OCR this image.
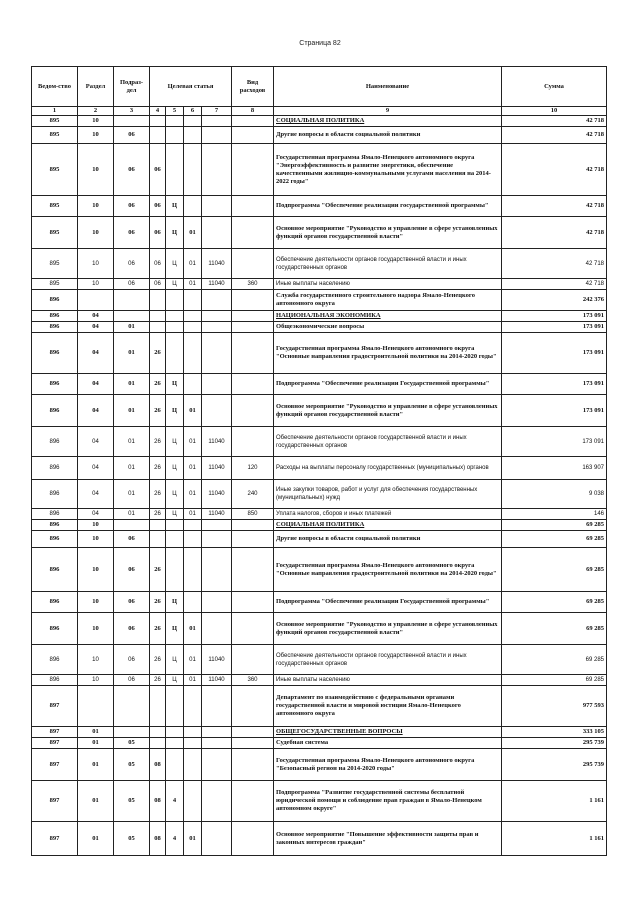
Страница 82
Ведом-ство	Раздел	Подраз-дел	Целевая статья				Вид расходов	Наименование	Сумма
1	2	3	4	5	6	7	8	9	10
895	10							СОЦИАЛЬНАЯ ПОЛИТИКА	42 718
895	10	06						Другие вопросы в области социальной политики	42 718
895	10	06	06					Государственная программа Ямало-Ненецкого автономного округа "Энергоэффективность и развитие энергетики, обеспечение качественными жилищно-коммунальными услугами населения на 2014-2022 годы"	42 718
895	10	06	06	Ц				Подпрограмма "Обеспечение реализации государственной программы"	42 718
895	10	06	06	Ц	01			Основное мероприятие "Руководство и управление в сфере установленных функций органов государственной власти"	42 718
895	10	06	06	Ц	01	11040		Обеспечение деятельности органов государственной власти и иных государственных органов	42 718
895	10	06	06	Ц	01	11040	360	Иные выплаты населению	42 718
896								Служба государственного строительного надзора Ямало-Ненецкого автономного округа	242 376
896	04							НАЦИОНАЛЬНАЯ ЭКОНОМИКА	173 091
896	04	01						Общеэкономические вопросы	173 091
896	04	01	26					Государственная программа Ямало-Ненецкого автономного округа "Основные направления градостроительной политики на 2014-2020 годы"	173 091
896	04	01	26	Ц				Подпрограмма "Обеспечение реализации Государственной программы"	173 091
896	04	01	26	Ц	01			Основное мероприятие "Руководство и управление в сфере установленных функций органов государственной власти"	173 091
896	04	01	26	Ц	01	11040		Обеспечение деятельности органов государственной власти и иных государственных органов	173 091
896	04	01	26	Ц	01	11040	120	Расходы на выплаты персоналу государственных (муниципальных) органов	163 907
896	04	01	26	Ц	01	11040	240	Иные закупки товаров, работ и услуг для обеспечения государственных (муниципальных) нужд	9 038
896	04	01	26	Ц	01	11040	850	Уплата налогов, сборов и иных платежей	146
896	10							СОЦИАЛЬНАЯ ПОЛИТИКА	69 285
896	10	06						Другие вопросы в области социальной политики	69 285
896	10	06	26					Государственная программа Ямало-Ненецкого автономного округа "Основные направления градостроительной политики на 2014-2020 годы"	69 285
896	10	06	26	Ц				Подпрограмма "Обеспечение реализации Государственной программы"	69 285
896	10	06	26	Ц	01			Основное мероприятие "Руководство и управление в сфере установленных функций органов государственной власти"	69 285
896	10	06	26	Ц	01	11040		Обеспечение деятельности органов государственной власти и иных государственных органов	69 285
896	10	06	26	Ц	01	11040	360	Иные выплаты населению	69 285
897								Департамент по взаимодействию с федеральными органами государственной власти и мировой юстиции Ямало-Ненецкого автономного округа	977 593
897	01							ОБЩЕГОСУДАРСТВЕННЫЕ ВОПРОСЫ	333 105
897	01	05						Судебная система	295 739
897	01	05	08					Государственная программа Ямало-Ненецкого автономного округа "Безопасный регион на 2014-2020 годы"	295 739
897	01	05	08	4				Подпрограмма "Развитие государственной системы бесплатной юридической помощи и соблюдение прав граждан в Ямало-Ненецком автономном округе"	1 161
897	01	05	08	4	01			Основное мероприятие "Повышение эффективности защиты прав и законных интересов граждан"	1 161
